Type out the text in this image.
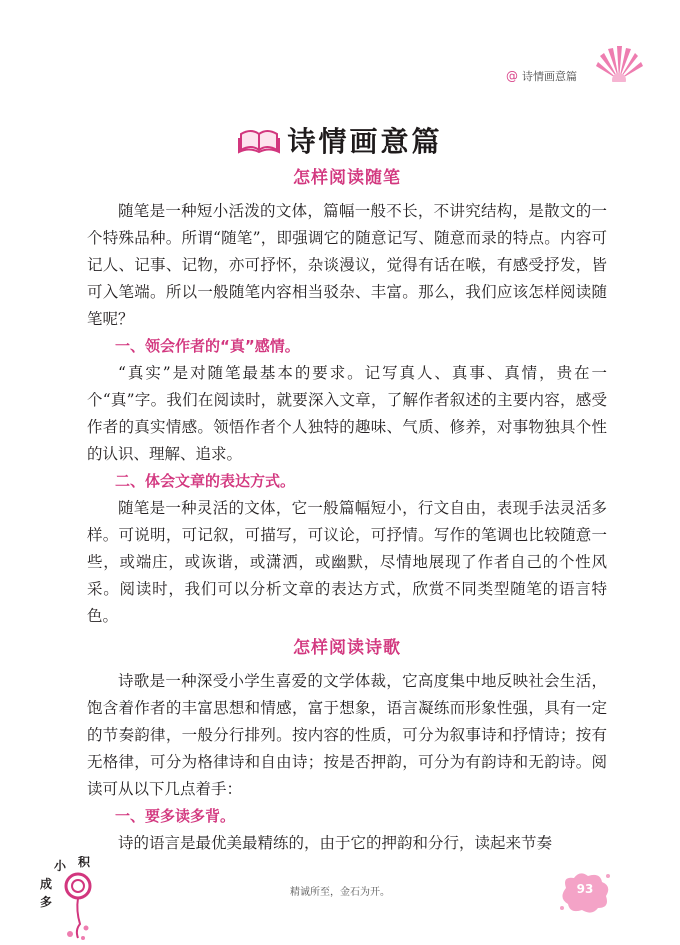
@ 诗情画意篇
诗情画意篇
怎样阅读随笔

随笔是一种短小活泼的文体，篇幅一般不长，不讲究结构，是散文的一个特殊品种。所谓“随笔”，即强调它的随意记写、随意而录的特点。内容可记人、记事、记物，亦可抒怀，杂谈漫议，觉得有话在喉，有感受抒发，皆可入笔端。所以一般随笔内容相当驳杂、丰富。那么，我们应该怎样阅读随笔呢？

一、领会作者的“真”感情。

“真实”是对随笔最基本的要求。记写真人、真事、真情，贵在一个“真”字。我们在阅读时，就要深入文章，了解作者叙述的主要内容，感受作者的真实情感。领悟作者个人独特的趣味、气质、修养，对事物独具个性的认识、理解、追求。

二、体会文章的表达方式。

随笔是一种灵活的文体，它一般篇幅短小，行文自由，表现手法灵活多样。可说明，可记叙，可描写，可议论，可抒情。写作的笔调也比较随意一些，或端庄，或诙谐，或潇洒，或幽默，尽情地展现了作者自己的个性风采。阅读时，我们可以分析文章的表达方式，欣赏不同类型随笔的语言特色。

怎样阅读诗歌

诗歌是一种深受小学生喜爱的文学体裁，它高度集中地反映社会生活，饱含着作者的丰富思想和情感，富于想象，语言凝练而形象性强，具有一定的节奏韵律，一般分行排列。按内容的性质，可分为叙事诗和抒情诗；按有无格律，可分为格律诗和自由诗；按是否押韵，可分为有韵诗和无韵诗。阅读可从以下几点着手：

一、要多读多背。

诗的语言是最优美最精练的，由于它的押韵和分行，读起来节奏

小 积
成
多
精诚所至，金石为开。	93
